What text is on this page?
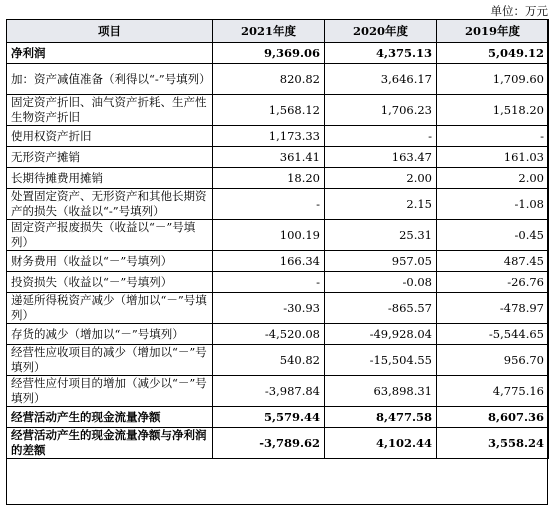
单位：万元
项目	2021年度	2020年度	2019年度
净利润	9,369.06	4,375.13	5,049.12
加：资产减值准备（利得以“-”号填列）	820.82	3,646.17	1,709.60
固定资产折旧、油气资产折耗、生产性生物资产折旧	1,568.12	1,706.23	1,518.20
使用权资产折旧	1,173.33	-	-
无形资产摊销	361.41	163.47	161.03
长期待摊费用摊销	18.20	2.00	2.00
处置固定资产、无形资产和其他长期资产的损失（收益以“-”号填列）	-	2.15	-1.08
固定资产报废损失（收益以“－”号填列）	100.19	25.31	-0.45
财务费用（收益以“－”号填列）	166.34	957.05	487.45
投资损失（收益以“－”号填列）	-	-0.08	-26.76
递延所得税资产减少（增加以“－”号填列）	-30.93	-865.57	-478.97
存货的减少（增加以“－”号填列）	-4,520.08	-49,928.04	-5,544.65
经营性应收项目的减少（增加以“－”号填列）	540.82	-15,504.55	956.70
经营性应付项目的增加（减少以“－”号填列）	-3,987.84	63,898.31	4,775.16
经营活动产生的现金流量净额	5,579.44	8,477.58	8,607.36
经营活动产生的现金流量净额与净利润的差额	-3,789.62	4,102.44	3,558.24
